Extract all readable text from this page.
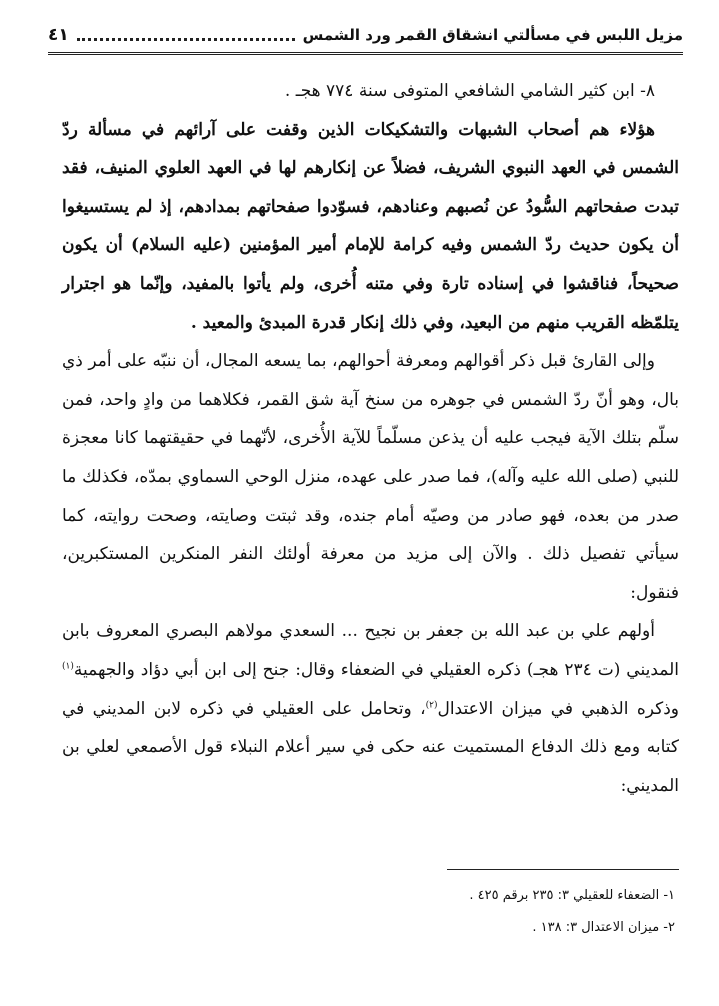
مزيل اللبس في مسألتي انشقاق القمر ورد الشمس
٤١

٨- ابن كثير الشامي الشافعي المتوفى سنة ٧٧٤ هجـ .

هؤلاء هم أصحاب الشبهات والتشكيكات الذين وقفت على آرائهم في مسألة ردّ الشمس في العهد النبوي الشريف، فضلاً عن إنكارهم لها في العهد العلوي المنيف، فقد تبدت صفحاتهم السُّودُ عن نُصبهم وعنادهم، فسوّدوا صفحاتهم بمدادهم، إذ لم يستسيغوا أن يكون حديث ردّ الشمس وفيه كرامة للإمام أمير المؤمنين (عليه السلام) أن يكون صحيحاً، فناقشوا في إسناده تارة وفي متنه أُخرى، ولم يأتوا بالمفيد، وإنّما هو اجترار يتلمّظه القريب منهم من البعيد، وفي ذلك إنكار قدرة المبدئ والمعيد .

وإلى القارئ قبل ذكر أقوالهم ومعرفة أحوالهم، بما يسعه المجال، أن ننبّه على أمر ذي بال، وهو أنّ ردّ الشمس في جوهره من سنخ آية شق القمر، فكلاهما من وادٍ واحد، فمن سلّم بتلك الآية فيجب عليه أن يذعن مسلّماً للآية الأُخرى، لأنّهما في حقيقتهما كانا معجزة للنبي (صلى الله عليه وآله)، فما صدر على عهده، منزل الوحي السماوي بمدّه، فكذلك ما صدر من بعده، فهو صادر من وصيّه أمام جنده، وقد ثبتت وصايته، وصحت روايته، كما سيأتي تفصيل ذلك . والآن إلى مزيد من معرفة أولئك النفر المنكرين المستكبرين، فنقول:

أولهم علي بن عبد الله بن جعفر بن نجيح ... السعدي مولاهم البصري المعروف بابن المديني (ت ٢٣٤ هجـ) ذكره العقيلي في الضعفاء وقال: جنح إلى ابن أبي دؤاد والجهمية$^{(١)}$ وذكره الذهبي في ميزان الاعتدال$^{(٢)}$، وتحامل على العقيلي في ذكره لابن المديني في كتابه ومع ذلك الدفاع المستميت عنه حكى في سير أعلام النبلاء قول الأصمعي لعلي بن المديني:

١- الضعفاء للعقيلي ٣: ٢٣٥ برقم ٤٢٥ .
٢- ميزان الاعتدال ٣: ١٣٨ .
